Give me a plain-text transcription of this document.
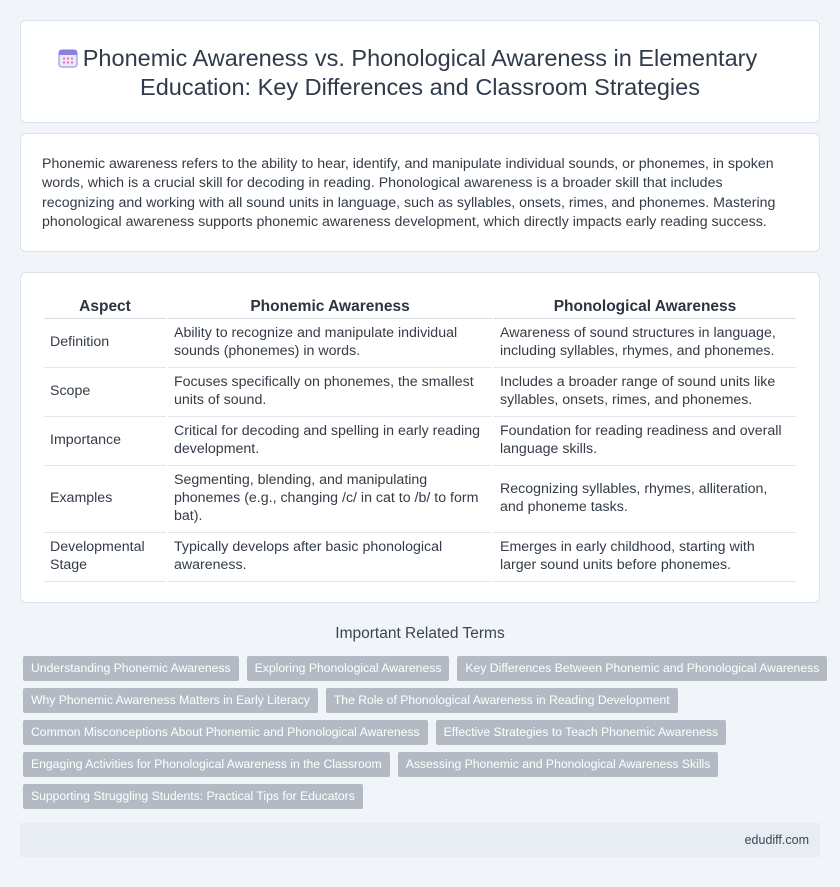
Phonemic Awareness vs. Phonological Awareness in Elementary
Education: Key Differences and Classroom Strategies

Phonemic awareness refers to the ability to hear, identify, and manipulate individual sounds, or phonemes, in spoken words, which is a crucial skill for decoding in reading. Phonological awareness is a broader skill that includes recognizing and working with all sound units in language, such as syllables, onsets, rimes, and phonemes. Mastering phonological awareness supports phonemic awareness development, which directly impacts early reading success.

Aspect	Phonemic Awareness	Phonological Awareness
Definition	Ability to recognize and manipulate individual sounds (phonemes) in words.	Awareness of sound structures in language, including syllables, rhymes, and phonemes.
Scope	Focuses specifically on phonemes, the smallest units of sound.	Includes a broader range of sound units like syllables, onsets, rimes, and phonemes.
Importance	Critical for decoding and spelling in early reading development.	Foundation for reading readiness and overall language skills.
Examples	Segmenting, blending, and manipulating phonemes (e.g., changing /c/ in cat to /b/ to form bat).	Recognizing syllables, rhymes, alliteration, and phoneme tasks.
Developmental Stage	Typically develops after basic phonological awareness.	Emerges in early childhood, starting with larger sound units before phonemes.
Important Related Terms
Understanding Phonemic Awareness	Exploring Phonological Awareness	Key Differences Between Phonemic and Phonological Awareness
Why Phonemic Awareness Matters in Early Literacy	The Role of Phonological Awareness in Reading Development
Common Misconceptions About Phonemic and Phonological Awareness	Effective Strategies to Teach Phonemic Awareness
Engaging Activities for Phonological Awareness in the Classroom	Assessing Phonemic and Phonological Awareness Skills
Supporting Struggling Students: Practical Tips for Educators
edudiff.com
